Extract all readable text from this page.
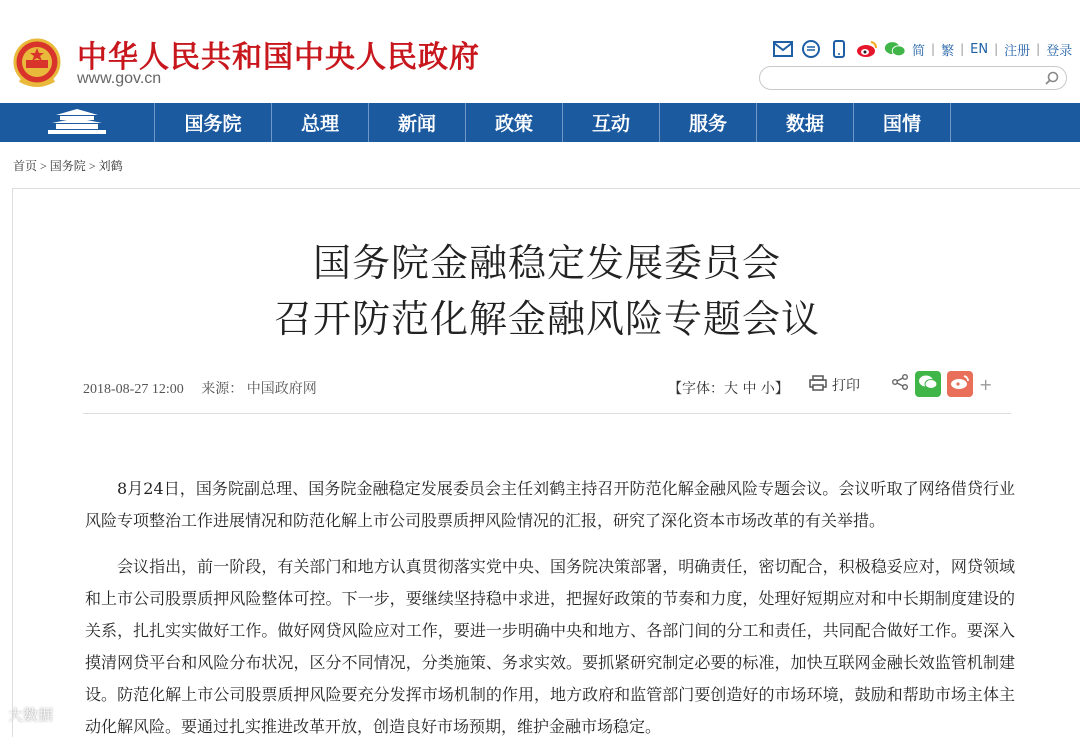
中华人民共和国中央人民政府
www.gov.cn
简 | 繁 | EN | 注册 | 登录
国务院	总理	新闻	政策	互动	服务	数据	国情
首页 > 国务院 > 刘鹤
国务院金融稳定发展委员会
召开防范化解金融风险专题会议
2018-08-27 12:00 来源： 中国政府网	【字体：大 中 小】	打印	+

8月24日，国务院副总理、国务院金融稳定发展委员会主任刘鹤主持召开防范化解金融风险专题会议。会议听取了网络借贷行业风险专项整治工作进展情况和防范化解上市公司股票质押风险情况的汇报，研究了深化资本市场改革的有关举措。

会议指出，前一阶段，有关部门和地方认真贯彻落实党中央、国务院决策部署，明确责任，密切配合，积极稳妥应对，网贷领域和上市公司股票质押风险整体可控。下一步，要继续坚持稳中求进，把握好政策的节奏和力度，处理好短期应对和中长期制度建设的关系，扎扎实实做好工作。做好网贷风险应对工作，要进一步明确中央和地方、各部门间的分工和责任，共同配合做好工作。要深入摸清网贷平台和风险分布状况，区分不同情况，分类施策、务求实效。要抓紧研究制定必要的标准，加快互联网金融长效监管机制建设。防范化解上市公司股票质押风险要充分发挥市场机制的作用，地方政府和监管部门要创造好的市场环境，鼓励和帮助市场主体主动化解风险。要通过扎实推进改革开放，创造良好市场预期，维护金融市场稳定。

大数据
